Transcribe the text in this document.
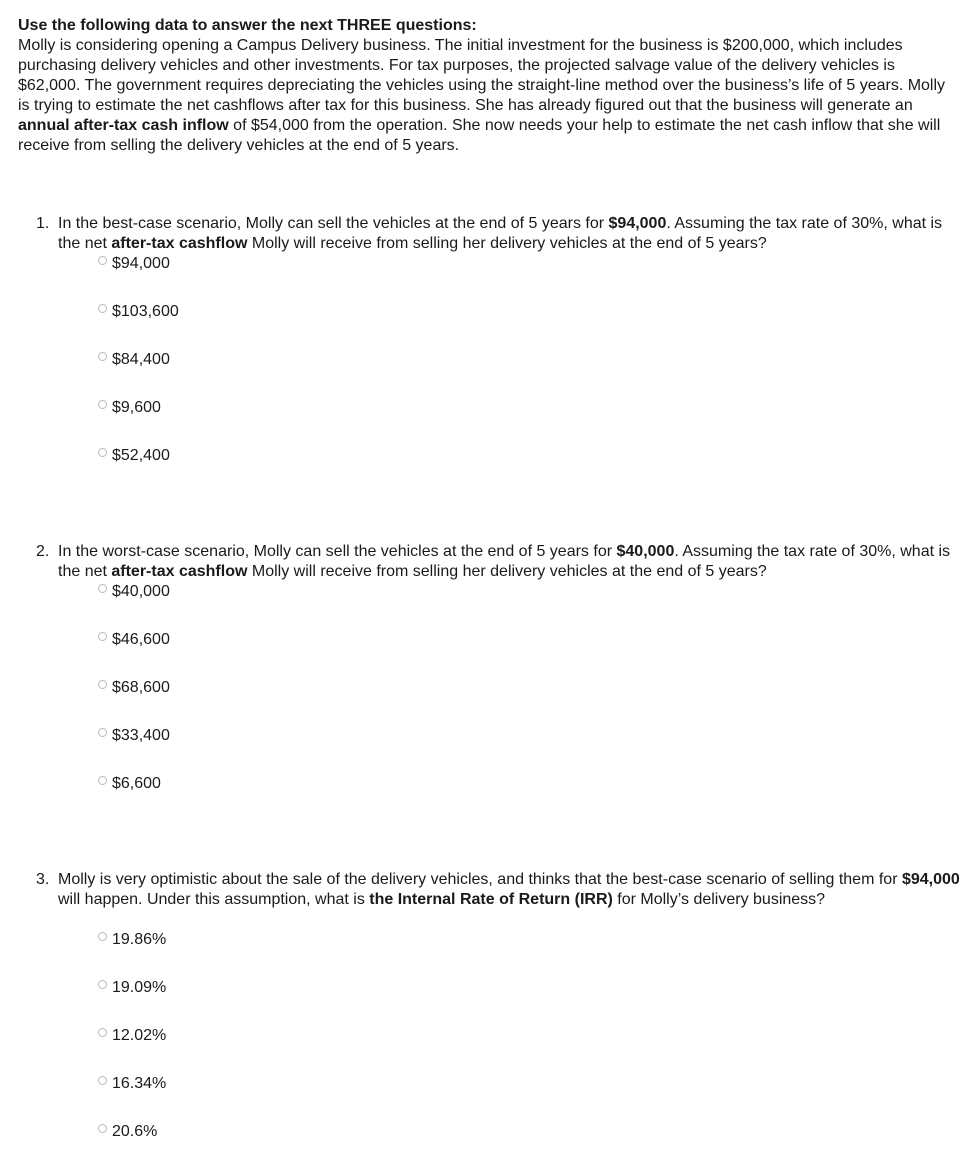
Use the following data to answer the next THREE questions:

Molly is considering opening a Campus Delivery business. The initial investment for the business is $200,000, which includes purchasing delivery vehicles and other investments. For tax purposes, the projected salvage value of the delivery vehicles is $62,000. The government requires depreciating the vehicles using the straight-line method over the business’s life of 5 years. Molly is trying to estimate the net cashflows after tax for this business. She has already figured out that the business will generate an annual after-tax cash inflow of $54,000 from the operation. She now needs your help to estimate the net cash inflow that she will receive from selling the delivery vehicles at the end of 5 years.

1. In the best-case scenario, Molly can sell the vehicles at the end of 5 years for $94,000. Assuming the tax rate of 30%, what is the net after-tax cashflow Molly will receive from selling her delivery vehicles at the end of 5 years?

$94,000
$103,600
$84,400
$9,600
$52,400

2. In the worst-case scenario, Molly can sell the vehicles at the end of 5 years for $40,000. Assuming the tax rate of 30%, what is the net after-tax cashflow Molly will receive from selling her delivery vehicles at the end of 5 years?

$40,000
$46,600
$68,600
$33,400
$6,600

3. Molly is very optimistic about the sale of the delivery vehicles, and thinks that the best-case scenario of selling them for $94,000 will happen. Under this assumption, what is the Internal Rate of Return (IRR) for Molly’s delivery business?

19.86%
19.09%
12.02%
16.34%
20.6%
